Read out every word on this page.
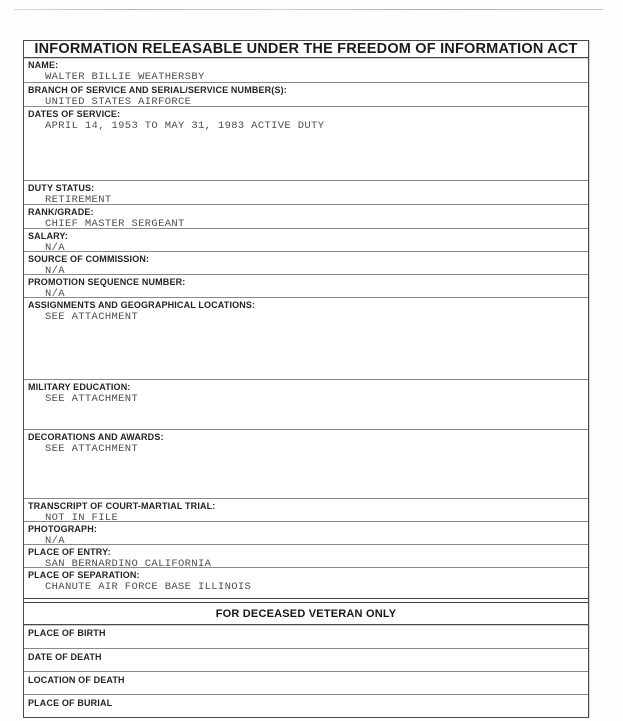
INFORMATION RELEASABLE UNDER THE FREEDOM OF INFORMATION ACT
NAME:
WALTER BILLIE WEATHERSBY
BRANCH OF SERVICE AND SERIAL/SERVICE NUMBER(S):
UNITED STATES AIRFORCE
DATES OF SERVICE:
APRIL 14, 1953 TO MAY 31, 1983 ACTIVE DUTY
DUTY STATUS:
RETIREMENT
RANK/GRADE:
CHIEF MASTER SERGEANT
SALARY:
N/A
SOURCE OF COMMISSION:
N/A
PROMOTION SEQUENCE NUMBER:
N/A
ASSIGNMENTS AND GEOGRAPHICAL LOCATIONS:
SEE ATTACHMENT
MILITARY EDUCATION:
SEE ATTACHMENT
DECORATIONS AND AWARDS:
SEE ATTACHMENT
TRANSCRIPT OF COURT-MARTIAL TRIAL:
NOT IN FILE
PHOTOGRAPH:
N/A
PLACE OF ENTRY:
SAN BERNARDINO CALIFORNIA
PLACE OF SEPARATION:
CHANUTE AIR FORCE BASE ILLINOIS
FOR DECEASED VETERAN ONLY
PLACE OF BIRTH
DATE OF DEATH
LOCATION OF DEATH
PLACE OF BURIAL
